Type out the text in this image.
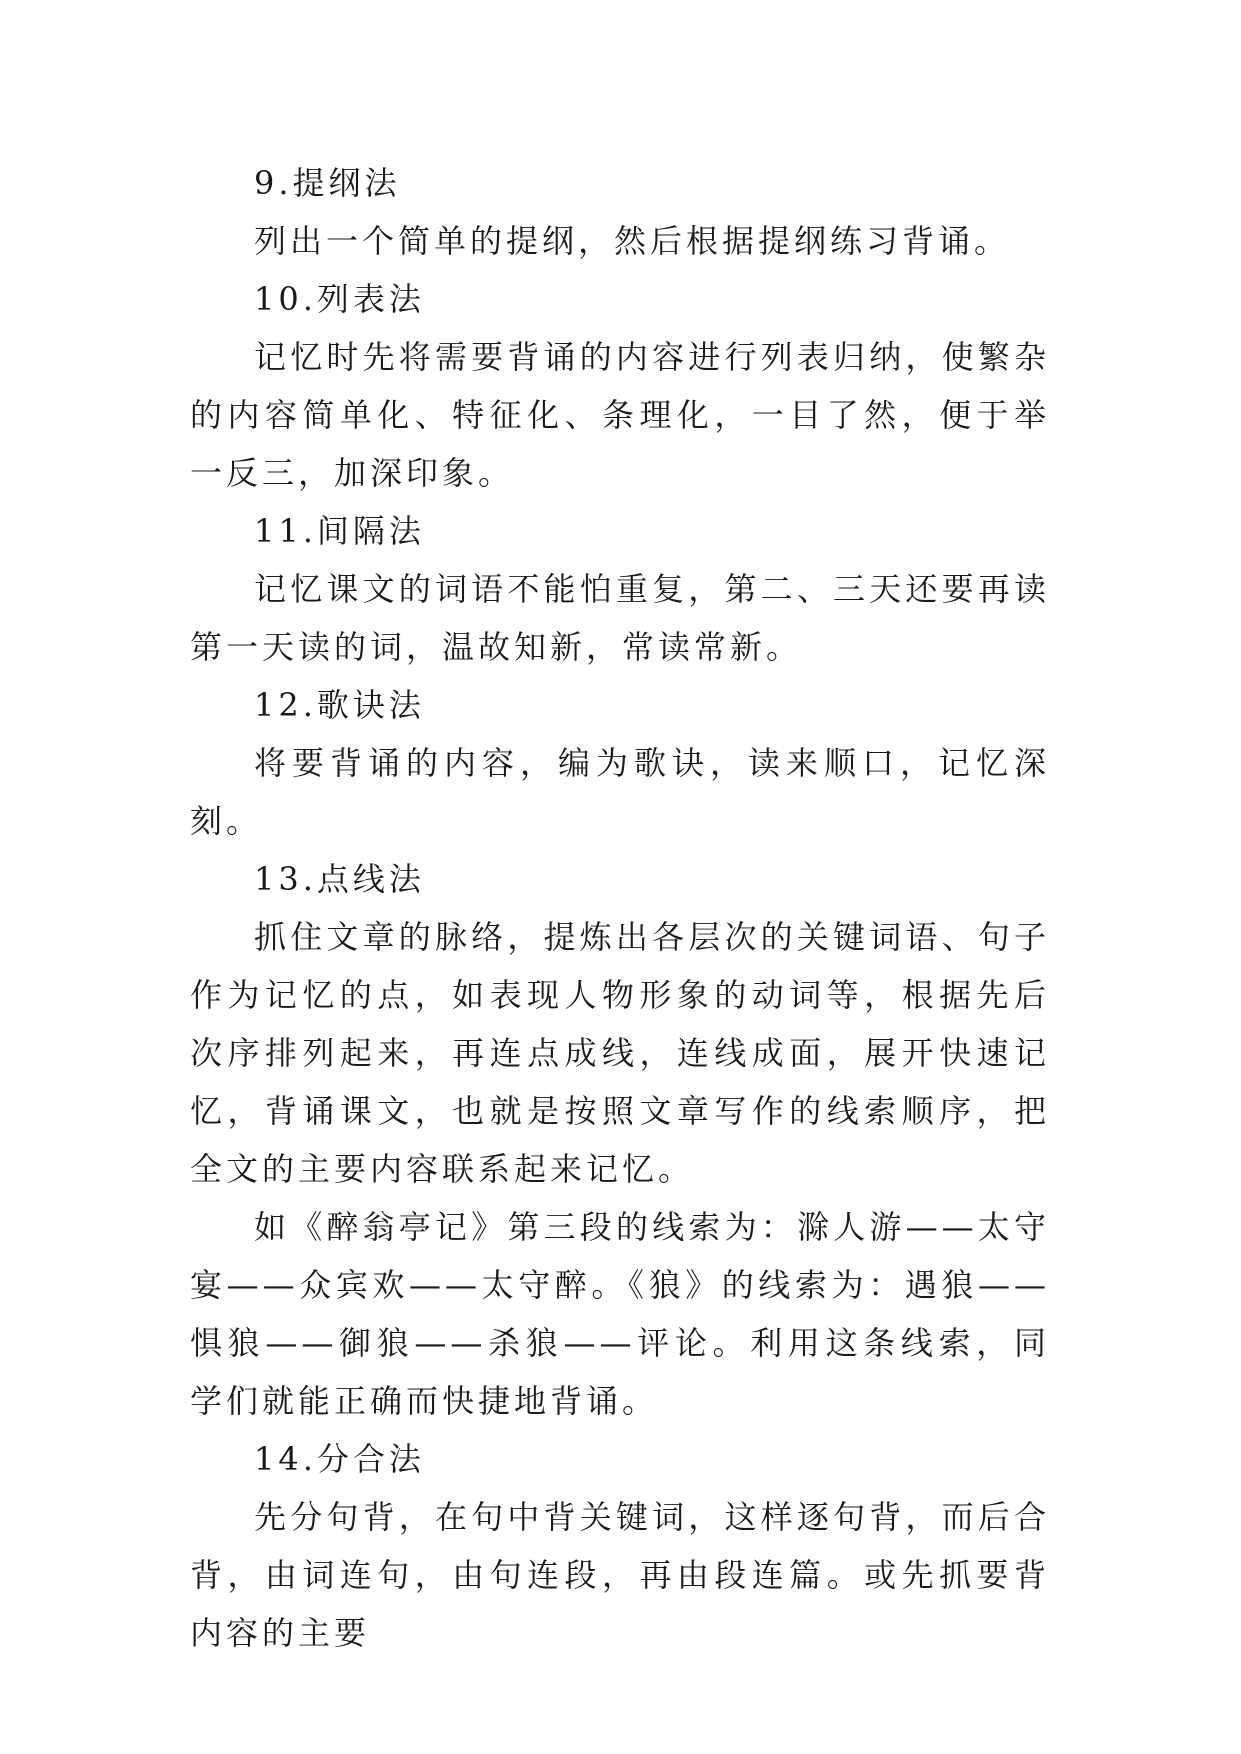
9.提纲法

列出一个简单的提纲，然后根据提纲练习背诵。

10.列表法

记忆时先将需要背诵的内容进行列表归纳，使繁杂的内容简单化、特征化、条理化，一目了然，便于举一反三，加深印象。

11.间隔法

记忆课文的词语不能怕重复，第二、三天还要再读第一天读的词，温故知新，常读常新。

12.歌诀法

将要背诵的内容，编为歌诀，读来顺口，记忆深刻。

13.点线法

抓住文章的脉络，提炼出各层次的关键词语、句子作为记忆的点，如表现人物形象的动词等，根据先后次序排列起来，再连点成线，连线成面，展开快速记忆，背诵课文，也就是按照文章写作的线索顺序，把全文的主要内容联系起来记忆。

如《醉翁亭记》第三段的线索为：滁人游——太守宴——众宾欢——太守醉。《狼》的线索为：遇狼——惧狼——御狼——杀狼——评论。利用这条线索，同学们就能正确而快捷地背诵。

14.分合法

先分句背，在句中背关键词，这样逐句背，而后合背，由词连句，由句连段，再由段连篇。或先抓要背内容的主要
